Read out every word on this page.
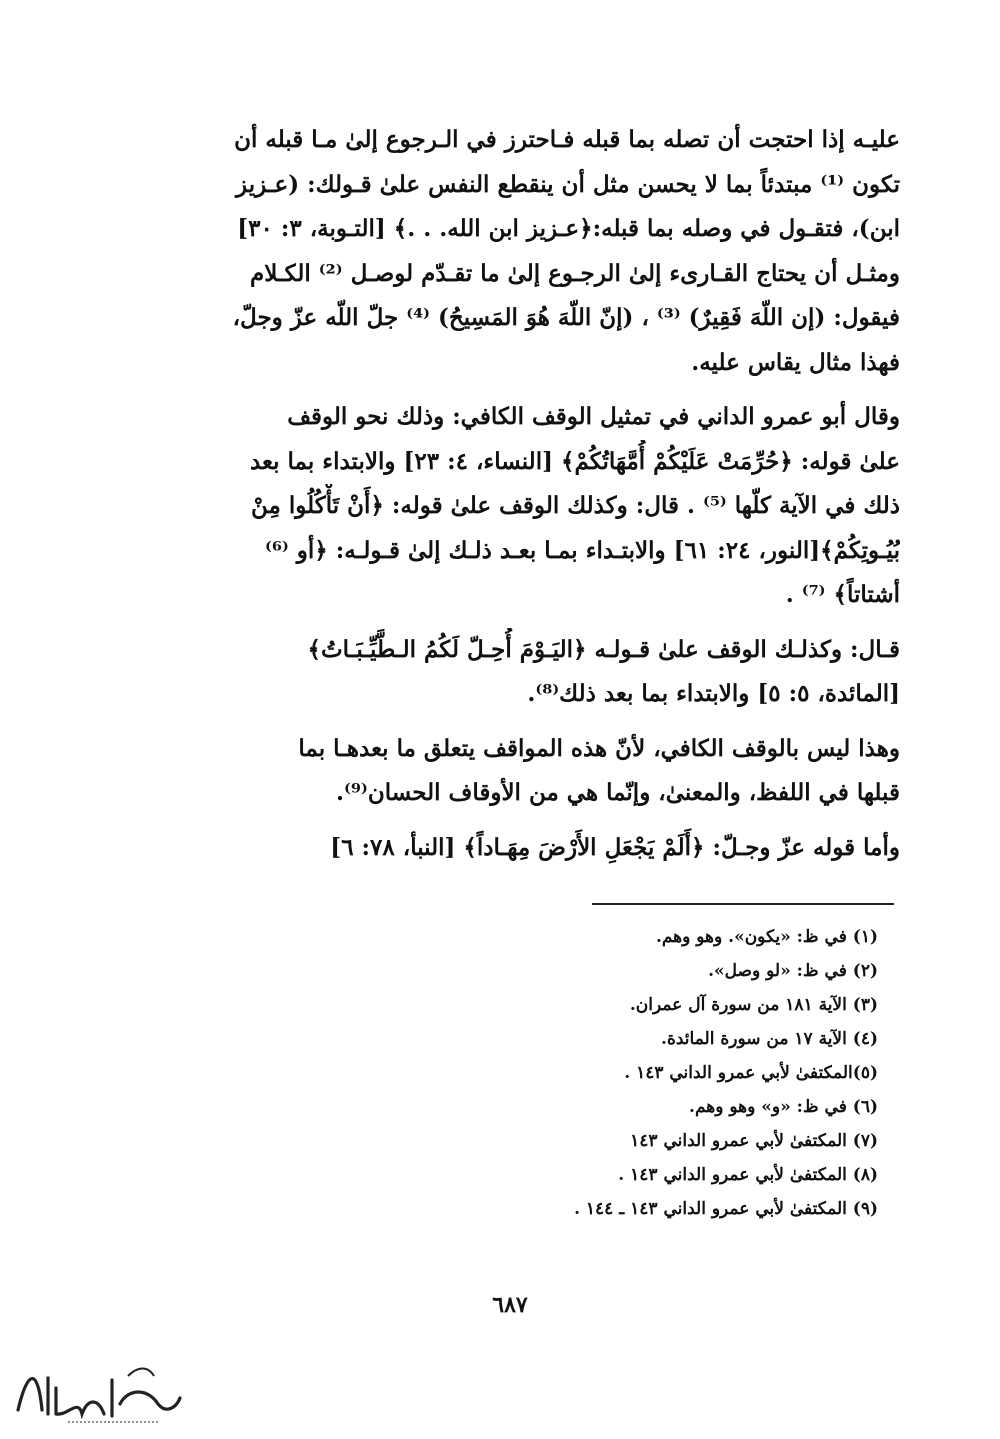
عليـه إذا احتجت أن تصله بما قبله فـاحترز في الـرجوع إلىٰ مـا قبله أن
تكون ⁽¹⁾ مبتدئاً بما لا يحسن مثل أن ينقطع النفس علىٰ قـولك: (عـزيز
ابن)، فتقـول في وصله بما قبله:﴿عـزيز ابن الله. . .﴾ [التـوبة، ٣: ٣٠]
ومثـل أن يحتاج القـارىء إلىٰ الرجـوع إلىٰ ما تقـدّم لوصـل ⁽²⁾ الكـلام
فيقول: (إن اللّهَ فَقِيرٌ) ⁽³⁾ ، (إنّ اللّهَ هُوَ المَسِيحُ) ⁽⁴⁾ جلّ اللّه عزّ وجلّ،
فهذا مثال يقاس عليه.
وقال أبو عمرو الداني في تمثيل الوقف الكافي: وذلك نحو الوقف
علىٰ قوله: ﴿حُرِّمَتْ عَلَيْكُمْ أُمَّهَاتُكُمْ﴾ [النساء، ٤: ٢٣] والابتداء بما بعد
ذلك في الآية كلّها ⁽⁵⁾ . قال: وكذلك الوقف علىٰ قوله: ﴿أَنْ تَأْكُلُوا مِنْ
بُيُـوتِكُمْ﴾[النور، ٢٤: ٦١] والابتـداء بمـا بعـد ذلـك إلىٰ قـولـه: ﴿أو ⁽⁶⁾
أشتاتاً﴾ ⁽⁷⁾ .
قـال: وكذلـك الوقف علىٰ قـولـه ﴿اليَـوْمَ أُحِـلّ لَكُمُ الـطَّيِّـبَـاتُ﴾
[المائدة، ٥: ٥] والابتداء بما بعد ذلك⁽⁸⁾.
وهذا ليس بالوقف الكافي، لأنّ هذه المواقف يتعلق ما بعدهـا بما
قبلها في اللفظ، والمعنىٰ، وإنّما هي من الأوقاف الحسان⁽⁹⁾.
وأما قوله عزّ وجـلّ: ﴿أَلَمْ يَجْعَلِ الأَرْضَ مِهَـاداً﴾ [النبأ، ٧٨: ٦]
(١) في ظ: «يكون». وهو وهم.
(٢) في ظ: «لو وصل».
(٣) الآية ١٨١ من سورة آل عمران.
(٤) الآية ١٧ من سورة المائدة.
(٥)المكتفىٰ لأبي عمرو الداني ١٤٣ .
(٦) في ظ: «و» وهو وهم.
(٧) المكتفىٰ لأبي عمرو الداني ١٤٣
(٨) المكتفىٰ لأبي عمرو الداني ١٤٣ .
(٩) المكتفىٰ لأبي عمرو الداني ١٤٣ ـ ١٤٤ .
٦٨٧
